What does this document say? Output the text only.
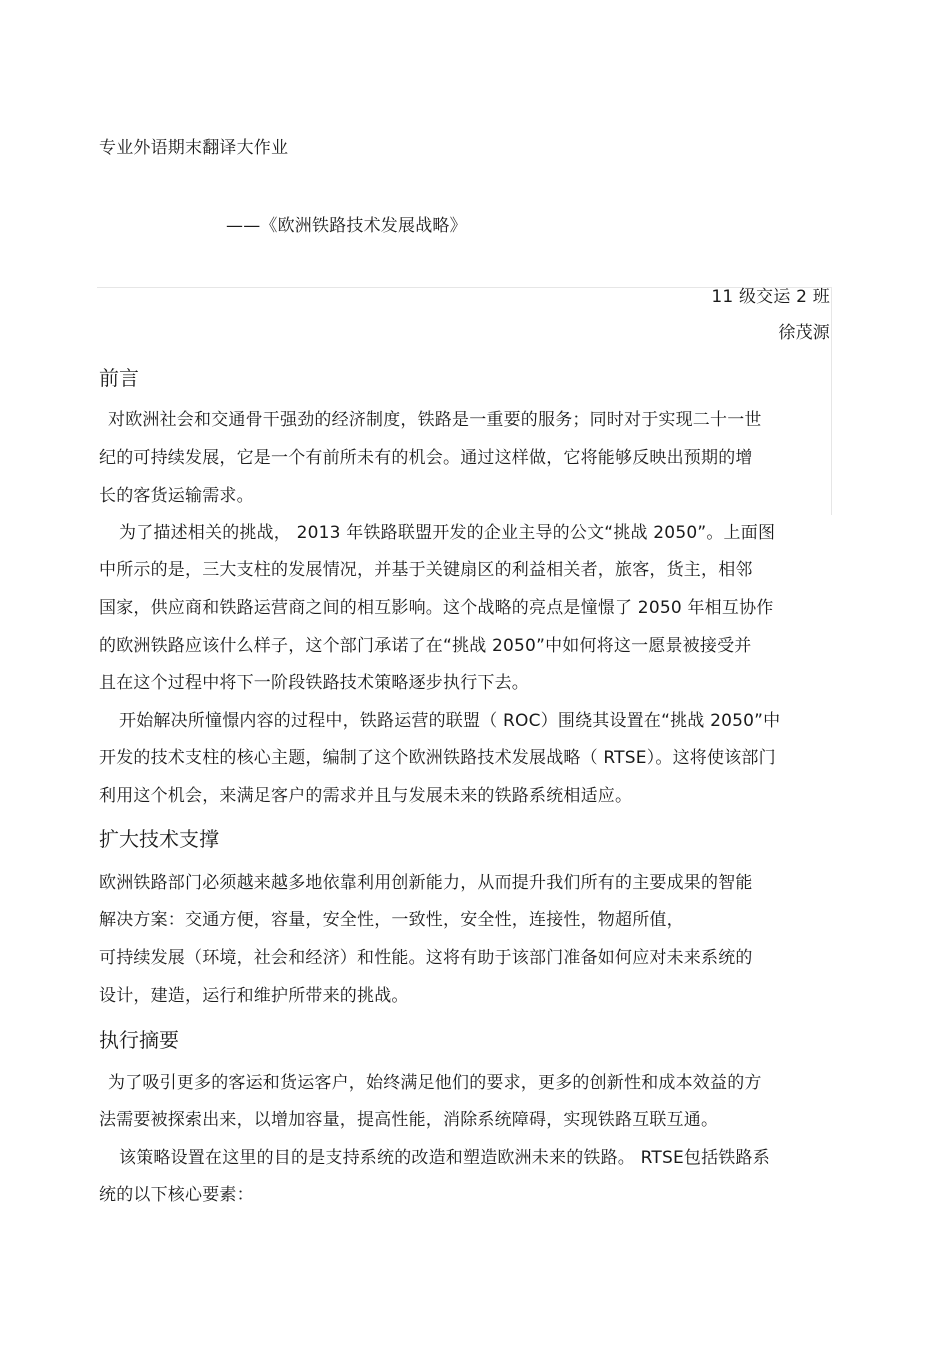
专业外语期末翻译大作业
——《欧洲铁路技术发展战略》
11 级交运 2 班
徐茂源
前言
对欧洲社会和交通骨干强劲的经济制度，铁路是一重要的服务；同时对于实现二十一世
纪的可持续发展，它是一个有前所未有的机会。通过这样做，它将能够反映出预期的增
长的客货运输需求。
为了描述相关的挑战， 2013 年铁路联盟开发的企业主导的公文“挑战 2050”。上面图
中所示的是，三大支柱的发展情况，并基于关键扇区的利益相关者，旅客，货主，相邻
国家，供应商和铁路运营商之间的相互影响。这个战略的亮点是憧憬了 2050 年相互协作
的欧洲铁路应该什么样子，这个部门承诺了在“挑战 2050”中如何将这一愿景被接受并
且在这个过程中将下一阶段铁路技术策略逐步执行下去。
开始解决所憧憬内容的过程中，铁路运营的联盟（ ROC）围绕其设置在“挑战 2050”中
开发的技术支柱的核心主题，编制了这个欧洲铁路技术发展战略（ RTSE）。这将使该部门
利用这个机会，来满足客户的需求并且与发展未来的铁路系统相适应。
扩大技术支撑
欧洲铁路部门必须越来越多地依靠利用创新能力，从而提升我们所有的主要成果的智能
解决方案：交通方便，容量，安全性，一致性，安全性，连接性，物超所值，
可持续发展（环境，社会和经济）和性能。这将有助于该部门准备如何应对未来系统的
设计，建造，运行和维护所带来的挑战。
执行摘要
为了吸引更多的客运和货运客户，始终满足他们的要求，更多的创新性和成本效益的方
法需要被探索出来，以增加容量，提高性能，消除系统障碍，实现铁路互联互通。
该策略设置在这里的目的是支持系统的改造和塑造欧洲未来的铁路。 RTSE包括铁路系
统的以下核心要素：
